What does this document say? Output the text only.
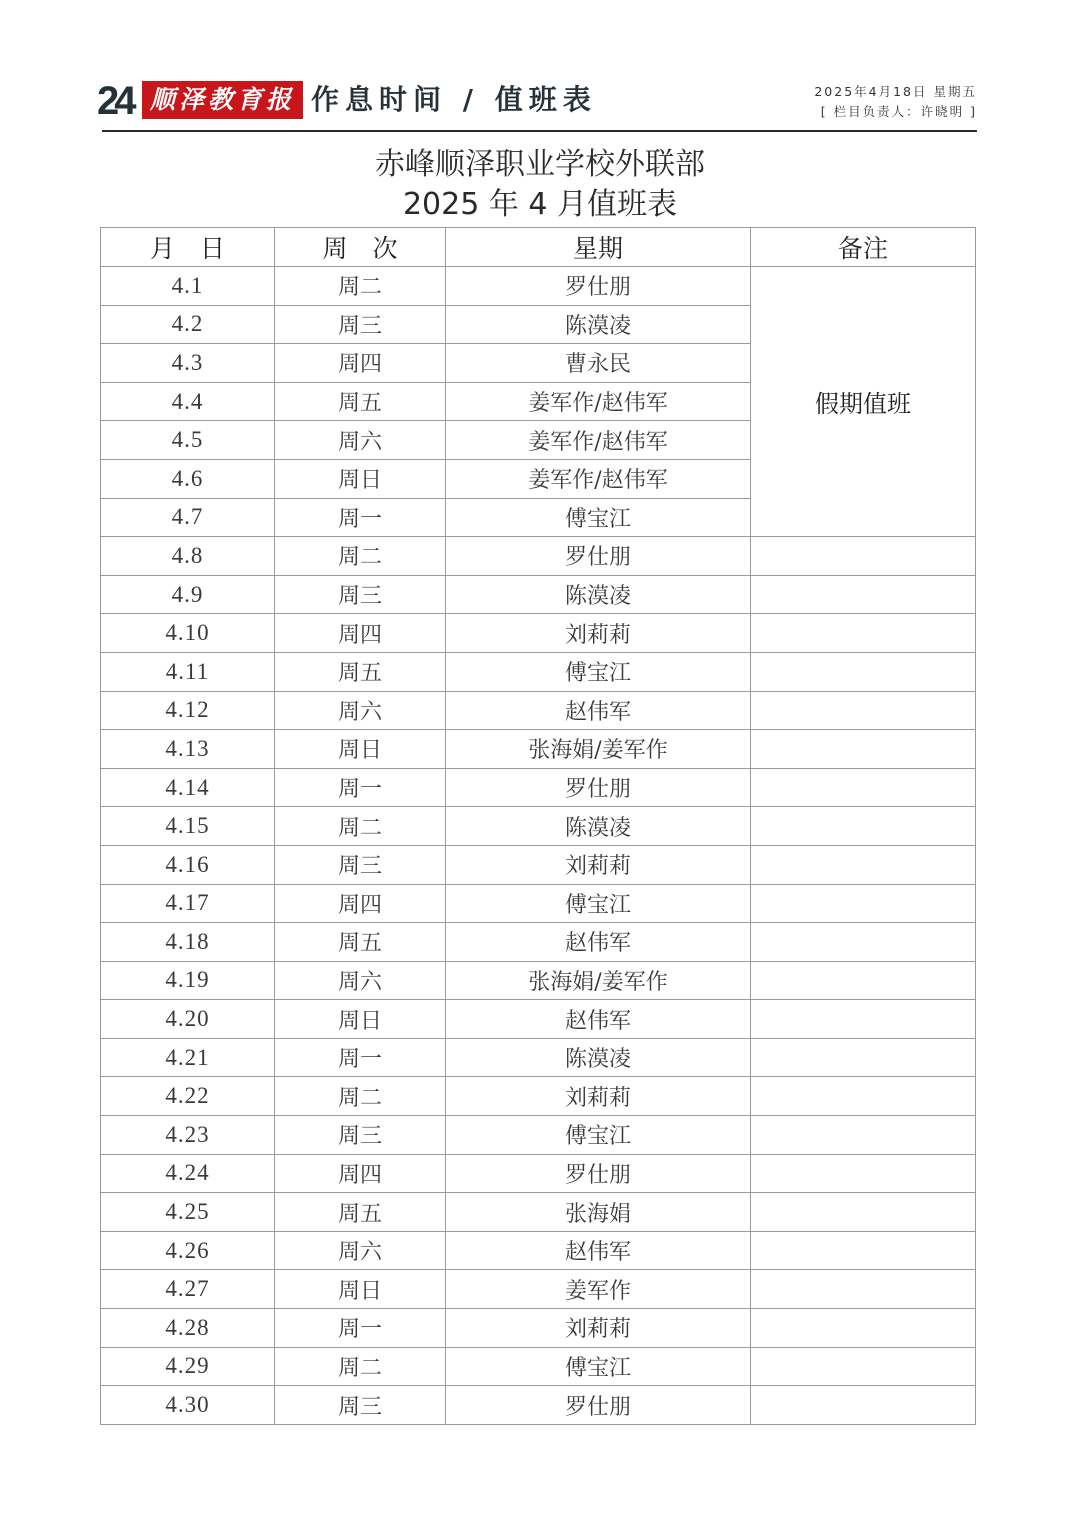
24 顺泽教育报 作息时间 / 值班表	2025年4月18日 星期五
[ 栏目负责人：许晓明 ]
赤峰顺泽职业学校外联部
2025 年 4 月值班表
月　日	周　次	星期	备注
4.1	周二	罗仕朋	假期值班
4.2	周三	陈漠凌	
4.3	周四	曹永民	
4.4	周五	姜军作/赵伟军	
4.5	周六	姜军作/赵伟军	
4.6	周日	姜军作/赵伟军	
4.7	周一	傅宝江	
4.8	周二	罗仕朋	
4.9	周三	陈漠凌	
4.10	周四	刘莉莉	
4.11	周五	傅宝江	
4.12	周六	赵伟军	
4.13	周日	张海娟/姜军作	
4.14	周一	罗仕朋	
4.15	周二	陈漠凌	
4.16	周三	刘莉莉	
4.17	周四	傅宝江	
4.18	周五	赵伟军	
4.19	周六	张海娟/姜军作	
4.20	周日	赵伟军	
4.21	周一	陈漠凌	
4.22	周二	刘莉莉	
4.23	周三	傅宝江	
4.24	周四	罗仕朋	
4.25	周五	张海娟	
4.26	周六	赵伟军	
4.27	周日	姜军作	
4.28	周一	刘莉莉	
4.29	周二	傅宝江	
4.30	周三	罗仕朋	
